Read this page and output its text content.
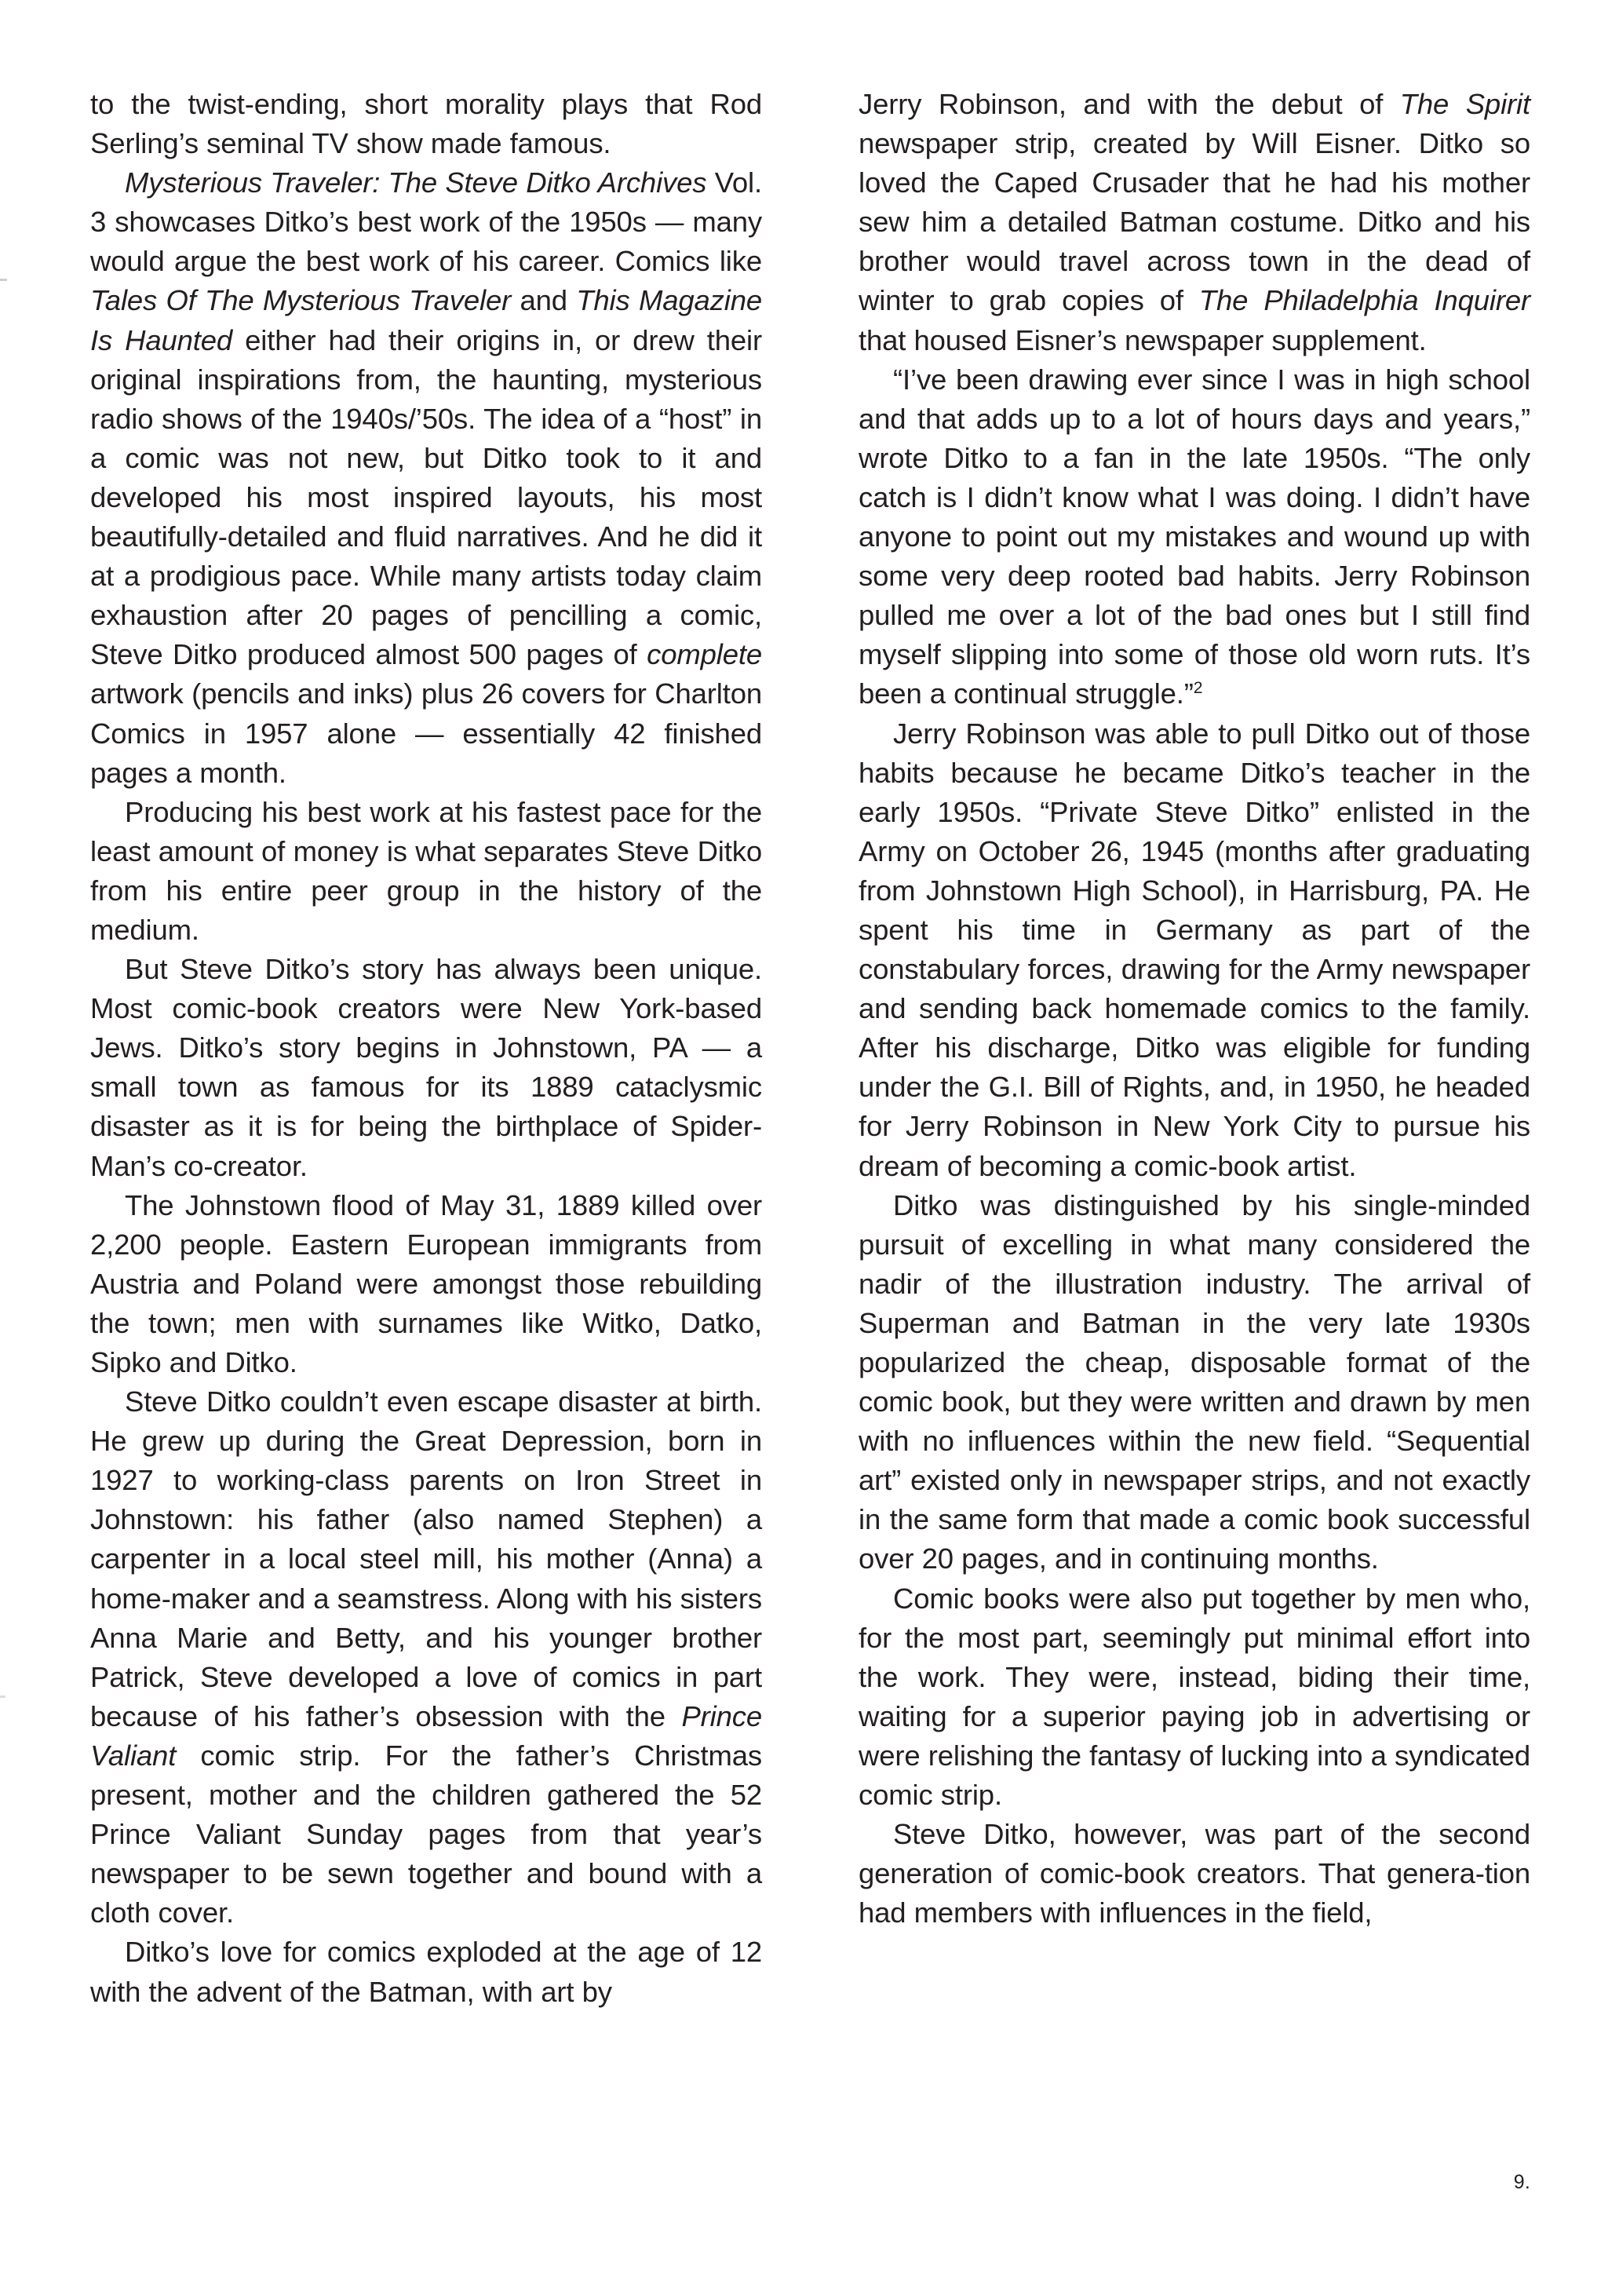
to the twist-ending, short morality plays that Rod Serling’s seminal TV show made famous.

Mysterious Traveler: The Steve Ditko Archives Vol. 3 showcases Ditko’s best work of the 1950s — many would argue the best work of his career. Comics like Tales Of The Mysterious Traveler and This Magazine Is Haunted either had their origins in, or drew their original inspirations from, the haunting, mysterious radio shows of the 1940s/’50s. The idea of a “host” in a comic was not new, but Ditko took to it and developed his most inspired layouts, his most beautifully-detailed and fluid narratives. And he did it at a prodigious pace. While many artists today claim exhaustion after 20 pages of pencilling a comic, Steve Ditko produced almost 500 pages of complete artwork (pencils and inks) plus 26 covers for Charlton Comics in 1957 alone — essentially 42 finished pages a month.

Producing his best work at his fastest pace for the least amount of money is what separates Steve Ditko from his entire peer group in the history of the medium.

But Steve Ditko’s story has always been unique. Most comic-book creators were New York-based Jews. Ditko’s story begins in Johnstown, PA — a small town as famous for its 1889 cataclysmic disaster as it is for being the birthplace of Spider-Man’s co-creator.

The Johnstown flood of May 31, 1889 killed over 2,200 people. Eastern European immigrants from Austria and Poland were amongst those rebuilding the town; men with surnames like Witko, Datko, Sipko and Ditko.

Steve Ditko couldn’t even escape disaster at birth. He grew up during the Great Depression, born in 1927 to working-class parents on Iron Street in Johnstown: his father (also named Stephen) a carpenter in a local steel mill, his mother (Anna) a home-maker and a seamstress. Along with his sisters Anna Marie and Betty, and his younger brother Patrick, Steve developed a love of comics in part because of his father’s obsession with the Prince Valiant comic strip. For the father’s Christmas present, mother and the children gathered the 52 Prince Valiant Sunday pages from that year’s newspaper to be sewn together and bound with a cloth cover.

Ditko’s love for comics exploded at the age of 12 with the advent of the Batman, with art by

Jerry Robinson, and with the debut of The Spirit newspaper strip, created by Will Eisner. Ditko so loved the Caped Crusader that he had his mother sew him a detailed Batman costume. Ditko and his brother would travel across town in the dead of winter to grab copies of The Philadelphia Inquirer that housed Eisner’s newspaper supplement.

“I’ve been drawing ever since I was in high school and that adds up to a lot of hours days and years,” wrote Ditko to a fan in the late 1950s. “The only catch is I didn’t know what I was doing. I didn’t have anyone to point out my mistakes and wound up with some very deep rooted bad habits. Jerry Robinson pulled me over a lot of the bad ones but I still find myself slipping into some of those old worn ruts. It’s been a continual struggle.”$^2$

Jerry Robinson was able to pull Ditko out of those habits because he became Ditko’s teacher in the early 1950s. “Private Steve Ditko” enlisted in the Army on October 26, 1945 (months after graduating from Johnstown High School), in Harrisburg, PA. He spent his time in Germany as part of the constabulary forces, drawing for the Army newspaper and sending back homemade comics to the family. After his discharge, Ditko was eligible for funding under the G.I. Bill of Rights, and, in 1950, he headed for Jerry Robinson in New York City to pursue his dream of becoming a comic-book artist.

Ditko was distinguished by his single-minded pursuit of excelling in what many considered the nadir of the illustration industry. The arrival of Superman and Batman in the very late 1930s popularized the cheap, disposable format of the comic book, but they were written and drawn by men with no influences within the new field. “Sequential art” existed only in newspaper strips, and not exactly in the same form that made a comic book successful over 20 pages, and in continuing months.

Comic books were also put together by men who, for the most part, seemingly put minimal effort into the work. They were, instead, biding their time, waiting for a superior paying job in advertising or were relishing the fantasy of lucking into a syndicated comic strip.

Steve Ditko, however, was part of the second generation of comic-book creators. That genera-tion had members with influences in the field,

9.
